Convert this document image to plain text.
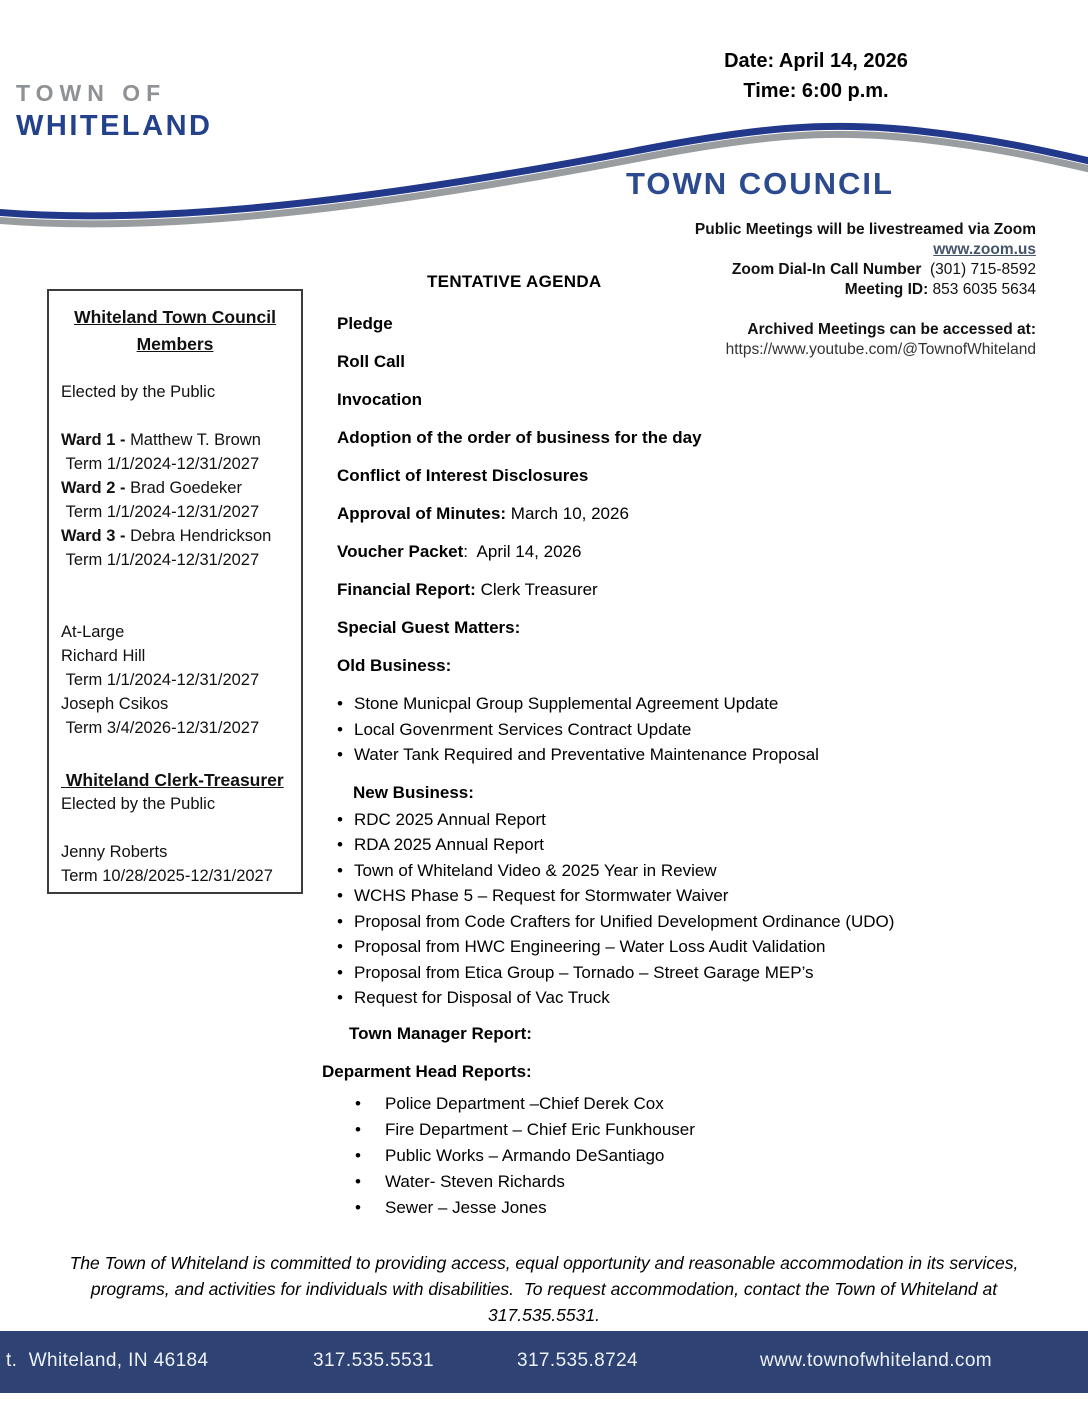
TOWN OF
WHITELAND
Date: April 14, 2026
Time: 6:00 p.m.
TOWN COUNCIL
Public Meetings will be livestreamed via Zoom
www.zoom.us
Zoom Dial-In Call Number  (301) 715-8592
Meeting ID: 853 6035 5634
Archived Meetings can be accessed at:
https://www.youtube.com/@TownofWhiteland
Whiteland Town Council
Members
Elected by the Public
Ward 1 - Matthew T. Brown
Term 1/1/2024-12/31/2027
Ward 2 - Brad Goedeker
Term 1/1/2024-12/31/2027
Ward 3 - Debra Hendrickson
Term 1/1/2024-12/31/2027
At-Large
Richard Hill
Term 1/1/2024-12/31/2027
Joseph Csikos
Term 3/4/2026-12/31/2027
Whiteland Clerk-Treasurer
Elected by the Public
Jenny Roberts
Term 10/28/2025-12/31/2027
TENTATIVE AGENDA

Pledge

Roll Call

Invocation

Adoption of the order of business for the day

Conflict of Interest Disclosures

Approval of Minutes: March 10, 2026

Voucher Packet:  April 14, 2026

Financial Report: Clerk Treasurer

Special Guest Matters:

Old Business:

• Stone Municpal Group Supplemental Agreement Update
• Local Govenrment Services Contract Update
• Water Tank Required and Preventative Maintenance Proposal
New Business:
• RDC 2025 Annual Report
• RDA 2025 Annual Report
• Town of Whiteland Video & 2025 Year in Review
• WCHS Phase 5 – Request for Stormwater Waiver
• Proposal from Code Crafters for Unified Development Ordinance (UDO)
• Proposal from HWC Engineering – Water Loss Audit Validation
• Proposal from Etica Group – Tornado – Street Garage MEP’s
• Request for Disposal of Vac Truck
Town Manager Report:
Deparment Head Reports:
• Police Department –Chief Derek Cox
• Fire Department – Chief Eric Funkhouser
• Public Works – Armando DeSantiago
• Water- Steven Richards
• Sewer – Jesse Jones
The Town of Whiteland is committed to providing access, equal opportunity and reasonable accommodation in its services,
programs, and activities for individuals with disabilities.  To request accommodation, contact the Town of Whiteland at
317.535.5531.
t.  Whiteland, IN 46184	317.535.5531	317.535.8724	www.townofwhiteland.com
